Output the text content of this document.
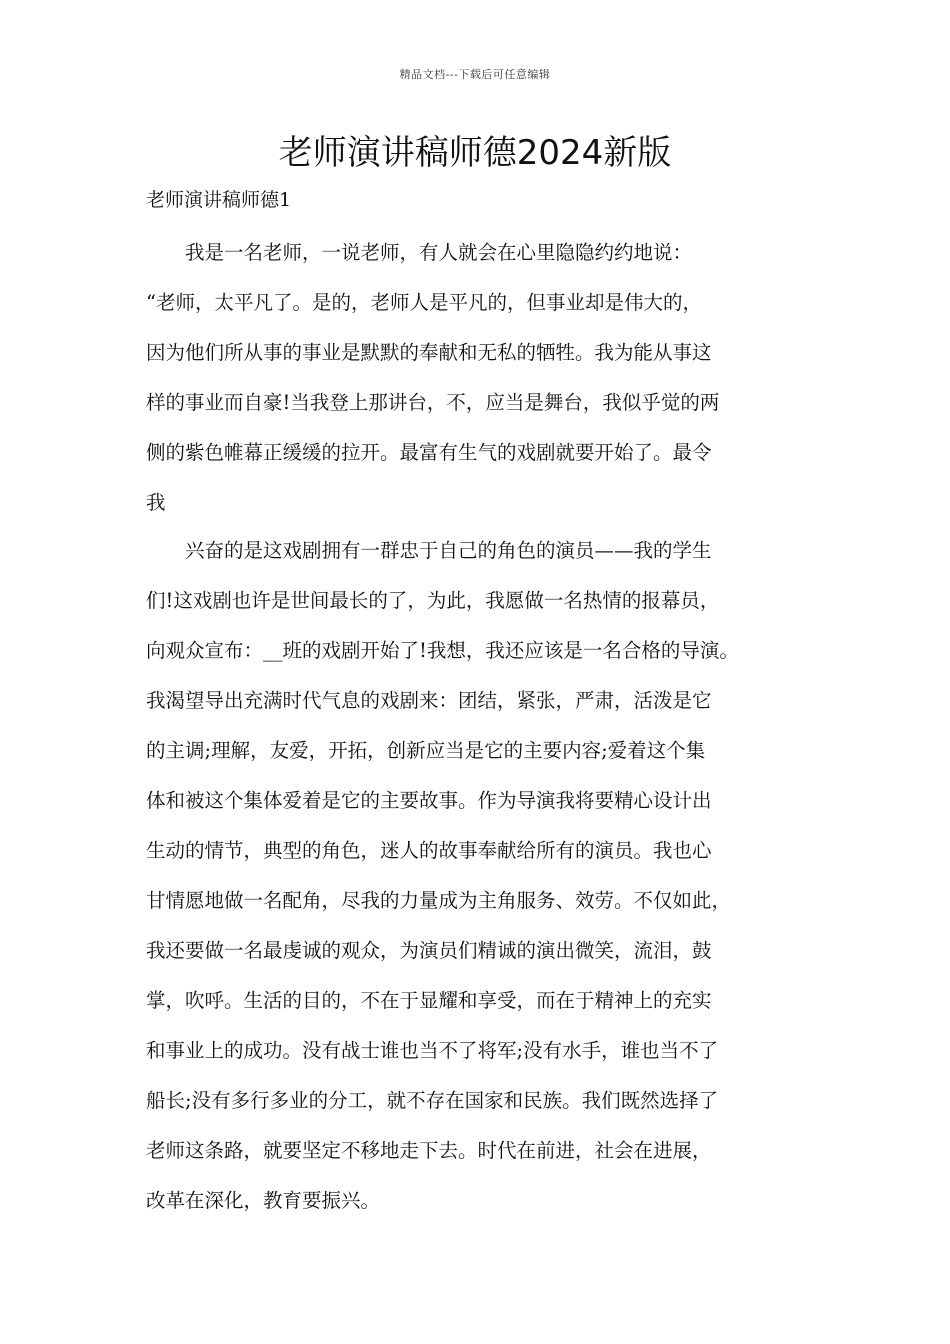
精品文档---下载后可任意编辑
老师演讲稿师德2024新版
老师演讲稿师德1
　　我是一名老师，一说老师，有人就会在心里隐隐约约地说：
“老师，太平凡了。是的，老师人是平凡的，但事业却是伟大的，
因为他们所从事的事业是默默的奉献和无私的牺牲。我为能从事这
样的事业而自豪!当我登上那讲台，不，应当是舞台，我似乎觉的两
侧的紫色帷幕正缓缓的拉开。最富有生气的戏剧就要开始了。最令
我
　　兴奋的是这戏剧拥有一群忠于自己的角色的演员——我的学生
们!这戏剧也许是世间最长的了，为此，我愿做一名热情的报幕员，
向观众宣布：__班的戏剧开始了!我想，我还应该是一名合格的导演。
我渴望导出充满时代气息的戏剧来：团结，紧张，严肃，活泼是它
的主调;理解，友爱，开拓，创新应当是它的主要内容;爱着这个集
体和被这个集体爱着是它的主要故事。作为导演我将要精心设计出
生动的情节，典型的角色，迷人的故事奉献给所有的演员。我也心
甘情愿地做一名配角，尽我的力量成为主角服务、效劳。不仅如此，
我还要做一名最虔诚的观众，为演员们精诚的演出微笑，流泪，鼓
掌，吹呼。生活的目的，不在于显耀和享受，而在于精神上的充实
和事业上的成功。没有战士谁也当不了将军;没有水手，谁也当不了
船长;没有多行多业的分工，就不存在国家和民族。我们既然选择了
老师这条路，就要坚定不移地走下去。时代在前进，社会在进展，
改革在深化，教育要振兴。
